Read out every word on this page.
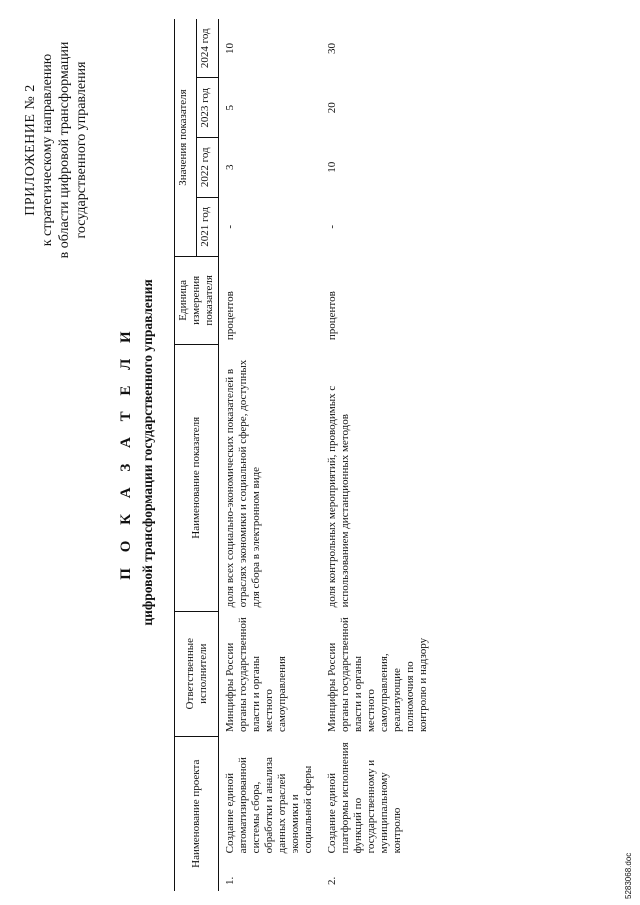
ПРИЛОЖЕНИЕ № 2 к стратегическому направлению в области цифровой трансформации государственного управления
П О К А З А Т Е Л И цифровой трансформации государственного управления
Наименование проекта		Ответственные исполнители	Наименование показателя	Единица измерения показателя	Значения показателя			
					2021 год	2022 год	2023 год	2024 год
1.	Создание единой автоматизированной системы сбора, обработки и анализа данных отраслей экономики и социальной сферы	Минцифры России органы государственной власти и органы местного самоуправления	доля всех социально-экономических показателей в отраслях экономики и социальной сфере, доступных для сбора в электронном виде	процентов	-	3	5	10
2.	Создание единой платформы исполнения функций по государственному и муниципальному контролю	Минцифры России органы государственной власти и органы местного самоуправления, реализующие полномочия по контролю и надзору	доля контрольных мероприятий, проводимых с использованием дистанционных методов	процентов	-	10	20	30
5283068.doc
